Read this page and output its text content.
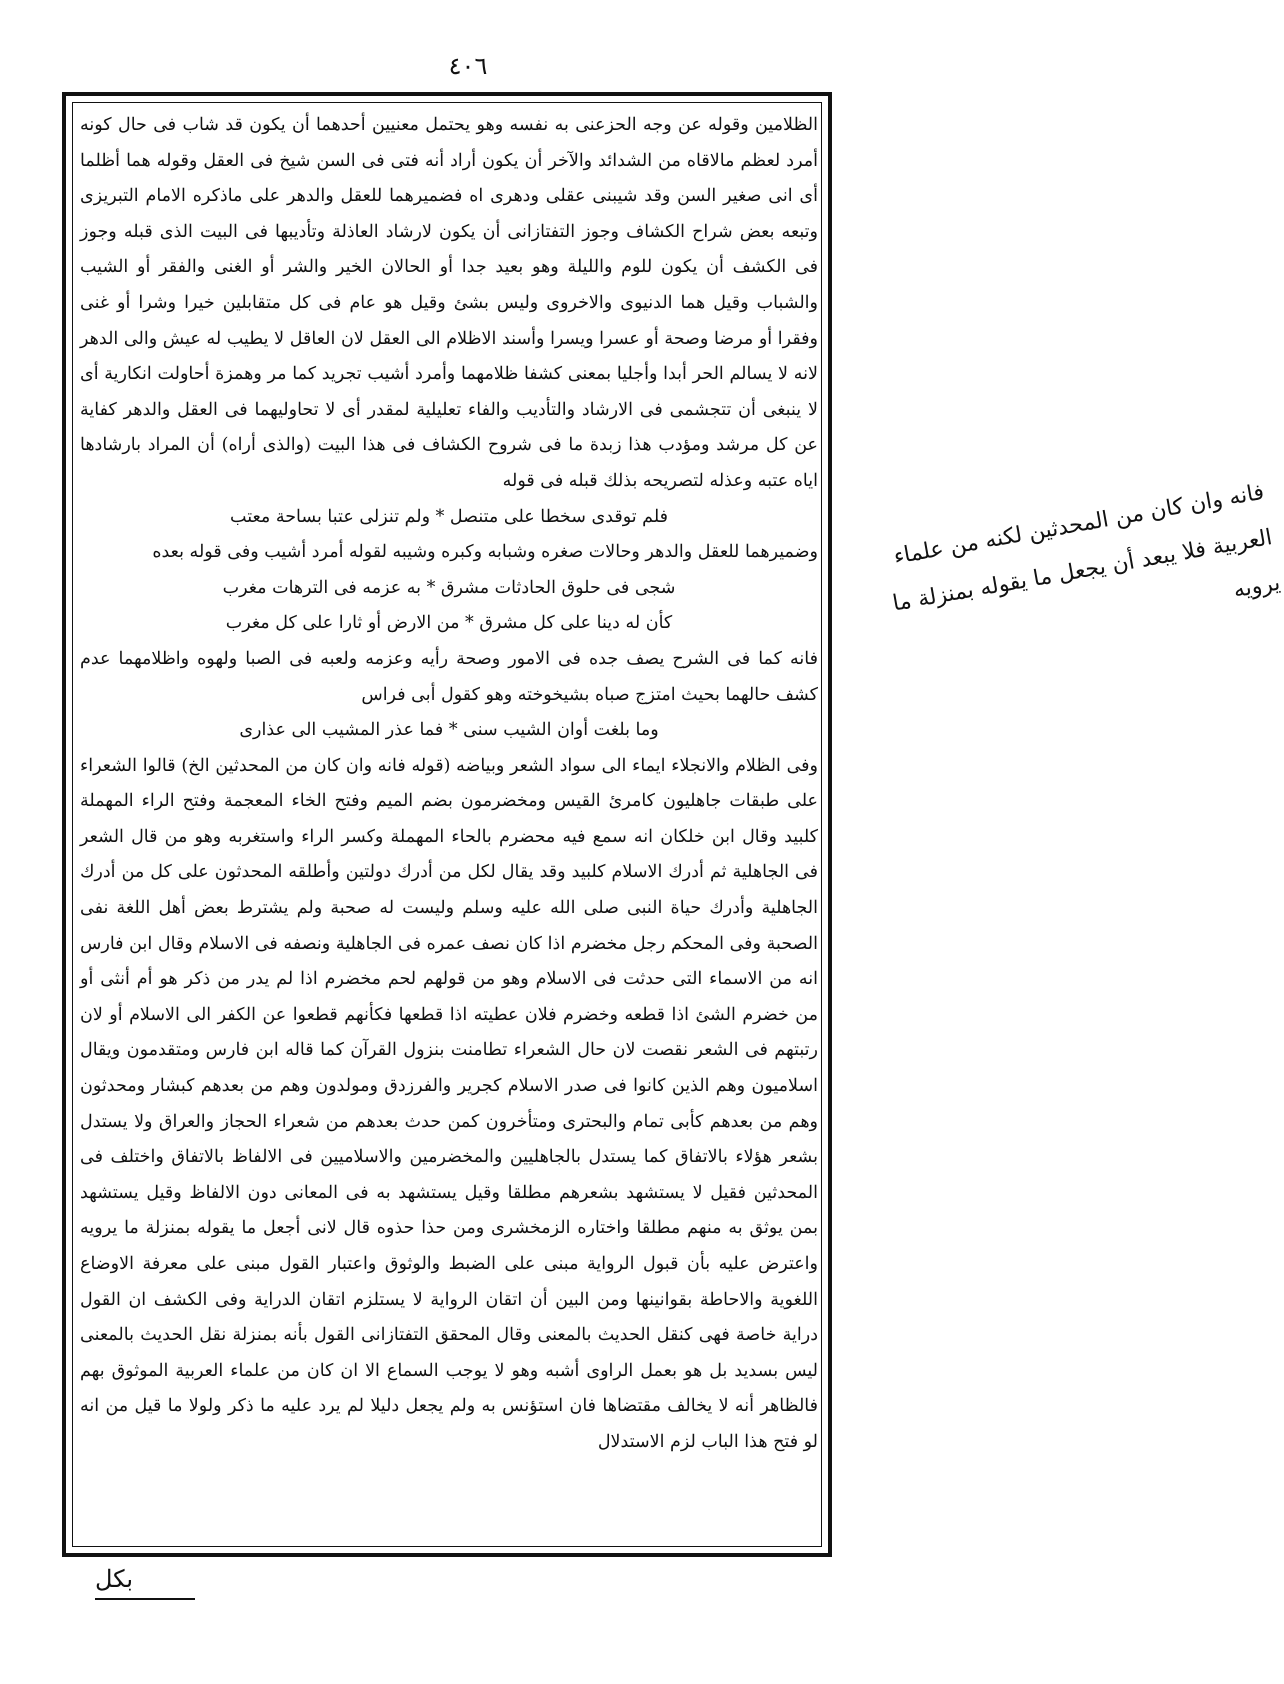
٤٠٦

الظلامين وقوله عن وجه الحزعنى به نفسه وهو يحتمل معنيين أحدهما أن يكون قد شاب فى حال كونه أمرد لعظم مالاقاه من الشدائد والآخر أن يكون أراد أنه فتى فى السن شيخ فى العقل وقوله هما أظلما أى انى صغير السن وقد شيبنى عقلى ودهرى اه فضميرهما للعقل والدهر على ماذكره الامام التبريزى وتبعه بعض شراح الكشاف وجوز التفتازانى أن يكون لارشاد العاذلة وتأديبها فى البيت الذى قبله وجوز فى الكشف أن يكون للوم والليلة وهو بعيد جدا أو الحالان الخير والشر أو الغنى والفقر أو الشيب والشباب وقيل هما الدنيوى والاخروى وليس بشئ وقيل هو عام فى كل متقابلين خيرا وشرا أو غنى وفقرا أو مرضا وصحة أو عسرا ويسرا وأسند الاظلام الى العقل لان العاقل لا يطيب له عيش والى الدهر لانه لا يسالم الحر أبدا وأجليا بمعنى كشفا ظلامهما وأمرد أشيب تجريد كما مر وهمزة أحاولت انكارية أى لا ينبغى أن تتجشمى فى الارشاد والتأديب والفاء تعليلية لمقدر أى لا تحاوليهما فى العقل والدهر كفاية عن كل مرشد ومؤدب هذا زبدة ما فى شروح الكشاف فى هذا البيت (والذى أراه) أن المراد بارشادها اياه عتبه وعذله لتصريحه بذلك قبله فى قوله

فلم توقدى سخطا على متنصل * ولم تنزلى عتبا بساحة معتب

وضميرهما للعقل والدهر وحالات صغره وشبابه وكبره وشيبه لقوله أمرد أشيب وفى قوله بعده

شجى فى حلوق الحادثات مشرق * به عزمه فى الترهات مغرب
كأن له دينا على كل مشرق * من الارض أو ثارا على كل مغرب

فانه كما فى الشرح يصف جده فى الامور وصحة رأيه وعزمه ولعبه فى الصبا ولهوه واظلامهما عدم كشف حالهما بحيث امتزج صباه بشيخوخته وهو كقول أبى فراس

وما بلغت أوان الشيب سنى * فما عذر المشيب الى عذارى

وفى الظلام والانجلاء ايماء الى سواد الشعر وبياضه (قوله فانه وان كان من المحدثين الخ) قالوا الشعراء على طبقات جاهليون كامرئ القيس ومخضرمون بضم الميم وفتح الخاء المعجمة وفتح الراء المهملة كلبيد وقال ابن خلكان انه سمع فيه محضرم بالحاء المهملة وكسر الراء واستغربه وهو من قال الشعر فى الجاهلية ثم أدرك الاسلام كلبيد وقد يقال لكل من أدرك دولتين وأطلقه المحدثون على كل من أدرك الجاهلية وأدرك حياة النبى صلى الله عليه وسلم وليست له صحبة ولم يشترط بعض أهل اللغة نفى الصحبة وفى المحكم رجل مخضرم اذا كان نصف عمره فى الجاهلية ونصفه فى الاسلام وقال ابن فارس انه من الاسماء التى حدثت فى الاسلام وهو من قولهم لحم مخضرم اذا لم يدر من ذكر هو أم أنثى أو من خضرم الشئ اذا قطعه وخضرم فلان عطيته اذا قطعها فكأنهم قطعوا عن الكفر الى الاسلام أو لان رتبتهم فى الشعر نقصت لان حال الشعراء تطامنت بنزول القرآن كما قاله ابن فارس ومتقدمون ويقال اسلاميون وهم الذين كانوا فى صدر الاسلام كجرير والفرزدق ومولدون وهم من بعدهم كبشار ومحدثون وهم من بعدهم كأبى تمام والبحترى ومتأخرون كمن حدث بعدهم من شعراء الحجاز والعراق ولا يستدل بشعر هؤلاء بالاتفاق كما يستدل بالجاهليين والمخضرمين والاسلاميين فى الالفاظ بالاتفاق واختلف فى المحدثين فقيل لا يستشهد بشعرهم مطلقا وقيل يستشهد به فى المعانى دون الالفاظ وقيل يستشهد بمن يوثق به منهم مطلقا واختاره الزمخشرى ومن حذا حذوه قال لانى أجعل ما يقوله بمنزلة ما يرويه واعترض عليه بأن قبول الرواية مبنى على الضبط والوثوق واعتبار القول مبنى على معرفة الاوضاع اللغوية والاحاطة بقوانينها ومن البين أن اتقان الرواية لا يستلزم اتقان الدراية وفى الكشف ان القول دراية خاصة فهى كنقل الحديث بالمعنى وقال المحقق التفتازانى القول بأنه بمنزلة نقل الحديث بالمعنى ليس بسديد بل هو بعمل الراوى أشبه وهو لا يوجب السماع الا ان كان من علماء العربية الموثوق بهم فالظاهر أنه لا يخالف مقتضاها فان استؤنس به ولم يجعل دليلا لم يرد عليه ما ذكر ولولا ما قيل من انه لو فتح هذا الباب لزم الاستدلال

فانه وان كان من المحدثين لكنه من علماء العربية فلا يبعد أن يجعل ما يقوله بمنزلة ما يرويه
بكل
